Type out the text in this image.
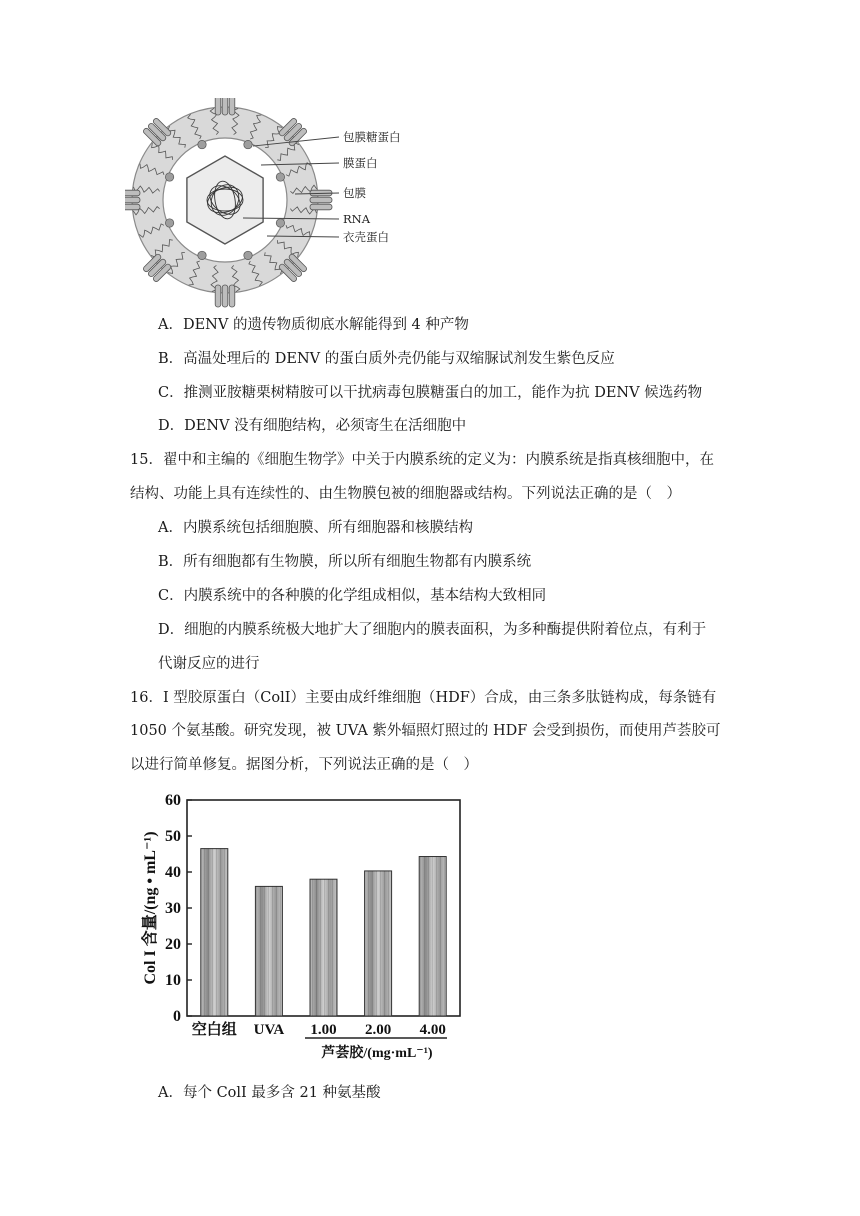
包膜糖蛋白
膜蛋白
包膜
RNA
衣壳蛋白
A．DENV 的遗传物质彻底水解能得到 4 种产物
B．高温处理后的 DENV 的蛋白质外壳仍能与双缩脲试剂发生紫色反应
C．推测亚胺糖栗树精胺可以干扰病毒包膜糖蛋白的加工，能作为抗 DENV 候选药物
D．DENV 没有细胞结构，必须寄生在活细胞中
15．翟中和主编的《细胞生物学》中关于内膜系统的定义为：内膜系统是指真核细胞中，在
结构、功能上具有连续性的、由生物膜包被的细胞器或结构。下列说法正确的是（　）
A．内膜系统包括细胞膜、所有细胞器和核膜结构
B．所有细胞都有生物膜，所以所有细胞生物都有内膜系统
C．内膜系统中的各种膜的化学组成相似，基本结构大致相同
D．细胞的内膜系统极大地扩大了细胞内的膜表面积，为多种酶提供附着位点，有利于
代谢反应的进行
16．I 型胶原蛋白（ColI）主要由成纤维细胞（HDF）合成，由三条多肽链构成，每条链有
1050 个氨基酸。研究发现，被 UVA 紫外辐照灯照过的 HDF 会受到损伤，而使用芦荟胶可
以进行简单修复。据图分析，下列说法正确的是（　）
0
10
20
30
40
50
60
空白组 UVA 1.00 2.00 4.00
Col I 含量/(ng • mL⁻¹)
芦荟胶/(mg·mL⁻¹)
A．每个 ColI 最多含 21 种氨基酸
